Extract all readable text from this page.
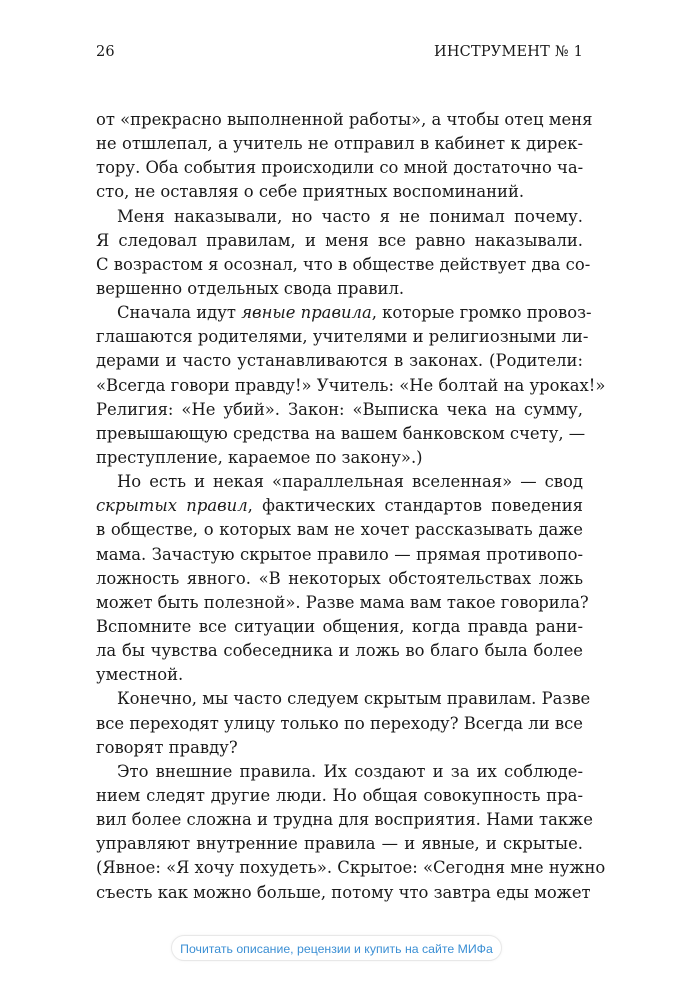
26	ИНСТРУМЕНТ № 1
от «прекрасно выполненной работы», а чтобы отец меня
не отшлепал, а учитель не отправил в кабинет к дирек-
тору. Оба события происходили со мной достаточно ча-
сто, не оставляя о себе приятных воспоминаний.
Меня наказывали, но часто я не понимал почему.
Я следовал правилам, и меня все равно наказывали.
С возрастом я осознал, что в обществе действует два со-
вершенно отдельных свода правил.
Сначала идут явные правила, которые громко провоз-
глашаются родителями, учителями и религиозными ли-
дерами и часто устанавливаются в законах. (Родители:
«Всегда говори правду!» Учитель: «Не болтай на уроках!»
Религия: «Не убий». Закон: «Выписка чека на сумму,
превышающую средства на вашем банковском счету, —
преступление, караемое по закону».)
Но есть и некая «параллельная вселенная» — свод
скрытых правил, фактических стандартов поведения
в обществе, о которых вам не хочет рассказывать даже
мама. Зачастую скрытое правило — прямая противопо-
ложность явного. «В некоторых обстоятельствах ложь
может быть полезной». Разве мама вам такое говорила?
Вспомните все ситуации общения, когда правда рани-
ла бы чувства собеседника и ложь во благо была более
уместной.
Конечно, мы часто следуем скрытым правилам. Разве
все переходят улицу только по переходу? Всегда ли все
говорят правду?
Это внешние правила. Их создают и за их соблюде-
нием следят другие люди. Но общая совокупность пра-
вил более сложна и трудна для восприятия. Нами также
управляют внутренние правила — и явные, и скрытые.
(Явное: «Я хочу похудеть». Скрытое: «Сегодня мне нужно
съесть как можно больше, потому что завтра еды может
Почитать описание, рецензии и купить на сайте МИФа
